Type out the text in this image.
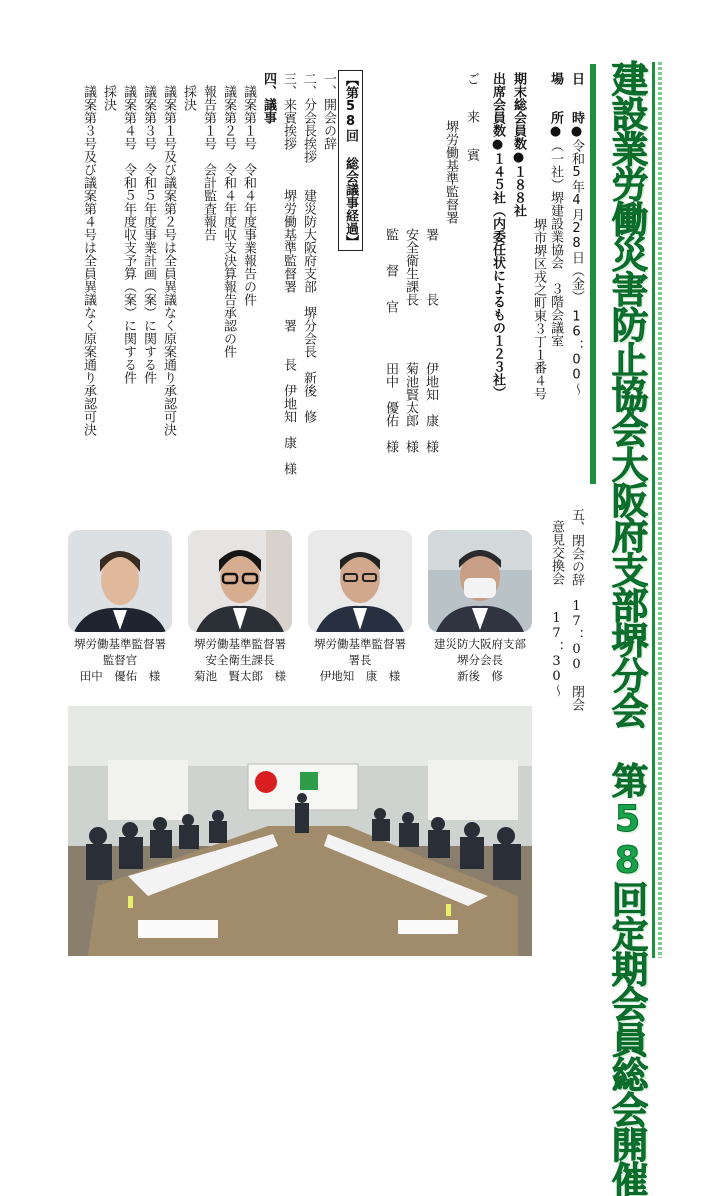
建設業労働災害防止協会大阪府支部堺分会　第58回定期会員総会開催
日　　時●令和5年4月28日（金）　16：00～
場　　所●（一社）堺建設業協会　３階会議室
堺市堺区戎之町東３丁１番４号
期末総会員数●１８８社
出席会員数●１４５社（内委任状によるもの１２３社）
ご　来　賓
堺労働基準監督署
署　　　　長
伊地知　康　様
安全衛生課長
菊池賢太郎　様
監　督　官
田中　優佑　様
【第58回 総会議事経過】
一、開会の辞
二、分会長挨拶　　建災防大阪府支部　堺分会長　新後　修
三、来賓挨拶　　　堺労働基準監督署　　署　　長　伊地知　康　様
四、議事
　議案第１号　令和４年度事業報告の件
　議案第２号　令和４年度収支決算報告承認の件
　報告第１号　会計監査報告
　採決
　議案第１号及び議案第２号は全員異議なく原案通り承認可決
　議案第３号　令和５年度事業計画（案）に関する件
　議案第４号　令和５年度収支予算（案）に関する件
　採決
　議案第３号及び議案第４号は全員異議なく原案通り承認可決
五、閉会の辞　17：00　閉会
意見交換会　　17：30～
建災防大阪府支部
堺分会長
新後　修
堺労働基準監督署
署長
伊地知　康　様
堺労働基準監督署
安全衛生課長
菊池　賢太郎　様
堺労働基準監督署
監督官
田中　優佑　様
